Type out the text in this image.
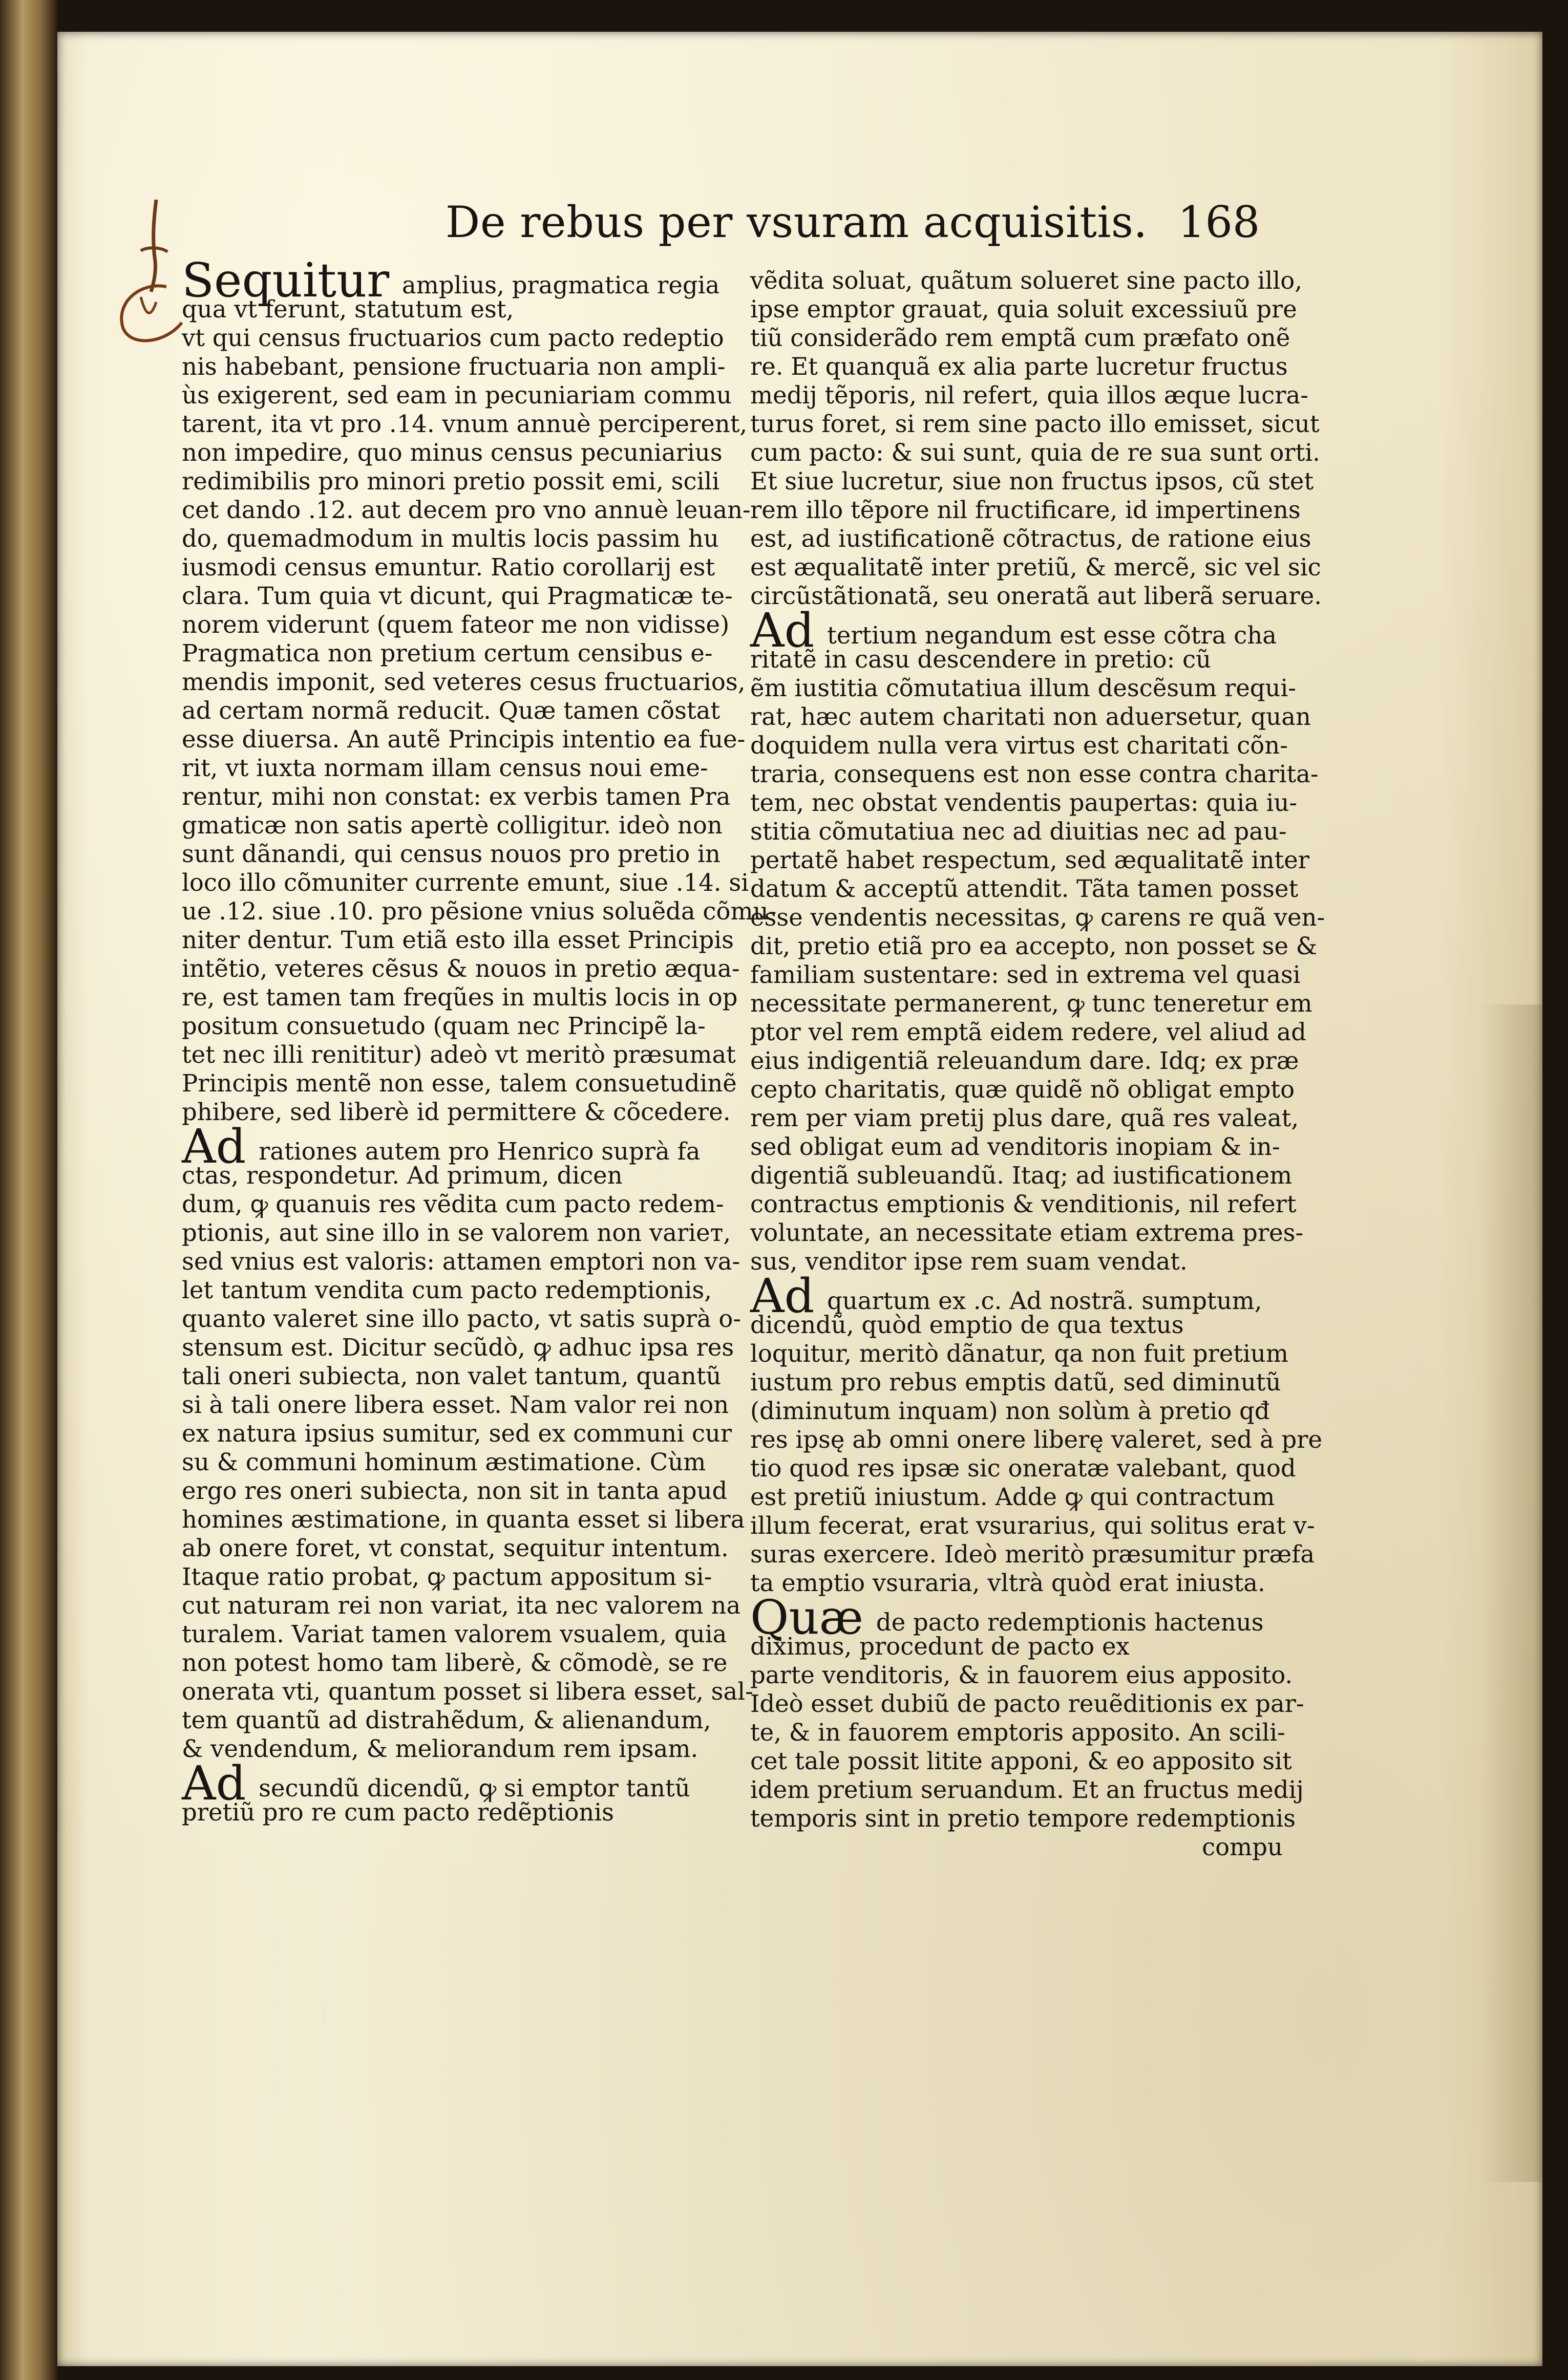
De rebus per vsuram acquisitis. 168
Sequitur amplius, pragmatica regia
qua vt ferunt, statutum est,
vt qui census fructuarios cum pacto redeptio
nis habebant, pensione fructuaria non ampli-
ùs exigerent, sed eam in pecuniariam commu
tarent, ita vt pro .14. vnum annuè perciperent,
non impedire, quo minus census pecuniarius
redimibilis pro minori pretio possit emi, scili
cet dando .12. aut decem pro vno annuè leuan-
do, quemadmodum in multis locis passim hu
iusmodi census emuntur. Ratio corollarij est
clara. Tum quia vt dicunt, qui Pragmaticæ te-
norem viderunt (quem fateor me non vidisse)
Pragmatica non pretium certum censibus e-
mendis imponit, sed veteres cesus fructuarios,
ad certam normã reducit. Quæ tamen cõstat
esse diuersa. An autẽ Principis intentio ea fue-
rit, vt iuxta normam illam census noui eme-
rentur, mihi non constat: ex verbis tamen Pra
gmaticæ non satis apertè colligitur. ideò non
sunt dãnandi, qui census nouos pro pretio in
loco illo cõmuniter currente emunt, siue .14. si
ue .12. siue .10. pro pẽsione vnius soluẽda cõmu-
niter dentur. Tum etiã esto illa esset Principis
intẽtio, veteres cẽsus & nouos in pretio æqua-
re, est tamen tam freqũes in multis locis in op
positum consuetudo (quam nec Principẽ la-
tet nec illi renititur) adeò vt meritò præsumat
Principis mentẽ non esse, talem consuetudinẽ
phibere, sed liberè id permittere & cõcedere.
Ad rationes autem pro Henrico suprà fa
ctas, respondetur. Ad primum, dicen
dum, ꝙ quanuis res vẽdita cum pacto redem-
ptionis, aut sine illo in se valorem non varieт,
sed vnius est valoris: attamen emptori non va-
let tantum vendita cum pacto redemptionis,
quanto valeret sine illo pacto, vt satis suprà o-
stensum est. Dicitur secũdò, ꝙ adhuc ipsa res
tali oneri subiecta, non valet tantum, quantũ
si à tali onere libera esset. Nam valor rei non
ex natura ipsius sumitur, sed ex communi cur
su & communi hominum æstimatione. Cùm
ergo res oneri subiecta, non sit in tanta apud
homines æstimatione, in quanta esset si libera
ab onere foret, vt constat, sequitur intentum.
Itaque ratio probat, ꝙ pactum appositum si-
cut naturam rei non variat, ita nec valorem na
turalem. Variat tamen valorem vsualem, quia
non potest homo tam liberè, & cõmodè, se re
onerata vti, quantum posset si libera esset, sal-
tem quantũ ad distrahẽdum, & alienandum,
& vendendum, & meliorandum rem ipsam.
Ad secundũ dicendũ, ꝙ si emptor tantũ
pretiũ pro re cum pacto redẽptionis
vẽdita soluat, quãtum solueret sine pacto illo,
ipse emptor grauat, quia soluit excessiuũ pre
tiũ considerãdo rem emptã cum præfato onẽ
re. Et quanquã ex alia parte lucretur fructus
medij tẽporis, nil refert, quia illos æque lucra-
turus foret, si rem sine pacto illo emisset, sicut
cum pacto: & sui sunt, quia de re sua sunt orti.
Et siue lucretur, siue non fructus ipsos, cũ stet
rem illo tẽpore nil fructificare, id impertinens
est, ad iustificationẽ cõtractus, de ratione eius
est æqualitatẽ inter pretiũ, & mercẽ, sic vel sic
circũstãtionatã, seu oneratã aut liberã seruare.
Ad tertium negandum est esse cõtra cha
ritatẽ in casu descendere in pretio: cũ
ẽm iustitia cõmutatiua illum descẽsum requi-
rat, hæc autem charitati non aduersetur, quan
doquidem nulla vera virtus est charitati cõn-
traria, consequens est non esse contra charita-
tem, nec obstat vendentis paupertas: quia iu-
stitia cõmutatiua nec ad diuitias nec ad pau-
pertatẽ habet respectum, sed æqualitatẽ inter
datum & acceptũ attendit. Tãta tamen posset
esse vendentis necessitas, ꝙ carens re quã ven-
dit, pretio etiã pro ea accepto, non posset se &
familiam sustentare: sed in extrema vel quasi
necessitate permanerent, ꝙ tunc teneretur em
ptor vel rem emptã eidem redere, vel aliud ad
eius indigentiã releuandum dare. Idq; ex præ
cepto charitatis, quæ quidẽ nõ obligat empto
rem per viam pretij plus dare, quã res valeat,
sed obligat eum ad venditoris inopiam & in-
digentiã subleuandũ. Itaq; ad iustificationem
contractus emptionis & venditionis, nil refert
voluntate, an necessitate etiam extrema pres-
sus, venditor ipse rem suam vendat.
Ad quartum ex .c. Ad nostrã. sumptum,
dicendũ, quòd emptio de qua textus
loquitur, meritò dãnatur, qa non fuit pretium
iustum pro rebus emptis datũ, sed diminutũ
(diminutum inquam) non solùm à pretio qđ
res ipsę ab omni onere liberę valeret, sed à pre
tio quod res ipsæ sic oneratæ valebant, quod
est pretiũ iniustum. Adde ꝙ qui contractum
illum fecerat, erat vsurarius, qui solitus erat v-
suras exercere. Ideò meritò præsumitur præfa
ta emptio vsuraria, vltrà quòd erat iniusta.
Quæ de pacto redemptionis hactenus
diximus, procedunt de pacto ex
parte venditoris, & in fauorem eius apposito.
Ideò esset dubiũ de pacto reuẽditionis ex par-
te, & in fauorem emptoris apposito. An scili-
cet tale possit litite apponi, & eo apposito sit
idem pretium seruandum. Et an fructus medij
temporis sint in pretio tempore redemptionis
compu
